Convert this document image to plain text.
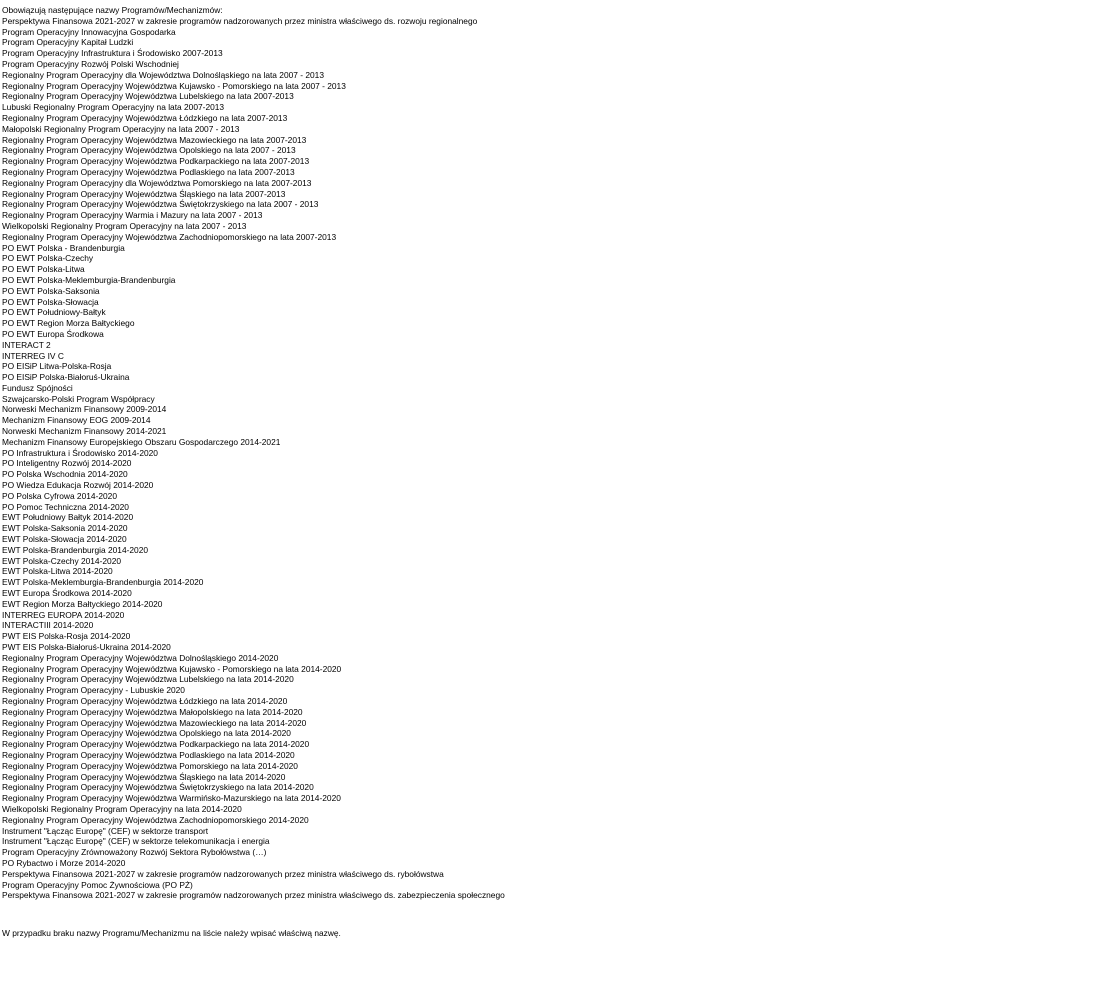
Obowiązują następujące nazwy Programów/Mechanizmów:
Perspektywa Finansowa 2021-2027 w zakresie programów nadzorowanych przez ministra właściwego ds. rozwoju regionalnego
Program Operacyjny Innowacyjna Gospodarka
Program Operacyjny Kapitał Ludzki
Program Operacyjny Infrastruktura i Środowisko 2007-2013
Program Operacyjny Rozwój Polski Wschodniej
Regionalny Program Operacyjny dla Województwa Dolnośląskiego na lata 2007 - 2013
Regionalny Program Operacyjny Województwa Kujawsko - Pomorskiego na lata 2007 - 2013
Regionalny Program Operacyjny Województwa Lubelskiego na lata 2007-2013
Lubuski Regionalny Program Operacyjny na lata 2007-2013
Regionalny Program Operacyjny Województwa Łódzkiego na lata 2007-2013
Małopolski Regionalny Program Operacyjny na lata 2007 - 2013
Regionalny Program Operacyjny Województwa Mazowieckiego na lata 2007-2013
Regionalny Program Operacyjny Województwa Opolskiego na lata 2007 - 2013
Regionalny Program Operacyjny Województwa Podkarpackiego na lata 2007-2013
Regionalny Program Operacyjny Województwa Podlaskiego na lata 2007-2013
Regionalny Program Operacyjny dla Województwa Pomorskiego na lata 2007-2013
Regionalny Program Operacyjny Województwa Śląskiego na lata 2007-2013
Regionalny Program Operacyjny Województwa Świętokrzyskiego na lata 2007 - 2013
Regionalny Program Operacyjny Warmia i Mazury na lata 2007 - 2013
Wielkopolski Regionalny Program Operacyjny na lata 2007 - 2013
Regionalny Program Operacyjny Województwa Zachodniopomorskiego na lata 2007-2013
PO EWT Polska - Brandenburgia
PO EWT Polska-Czechy
PO EWT Polska-Litwa
PO EWT Polska-Meklemburgia-Brandenburgia
PO EWT Polska-Saksonia
PO EWT Polska-Słowacja
PO EWT Południowy-Bałtyk
PO EWT Region Morza Bałtyckiego
PO EWT Europa Środkowa
INTERACT 2
INTERREG IV C
PO EISiP Litwa-Polska-Rosja
PO EISiP Polska-Białoruś-Ukraina
Fundusz Spójności
Szwajcarsko-Polski Program Współpracy
Norweski Mechanizm Finansowy 2009-2014
Mechanizm Finansowy EOG 2009-2014
Norweski Mechanizm Finansowy 2014-2021
Mechanizm Finansowy Europejskiego Obszaru Gospodarczego 2014-2021
PO Infrastruktura i Środowisko 2014-2020
PO Inteligentny Rozwój 2014-2020
PO Polska Wschodnia 2014-2020
PO Wiedza Edukacja Rozwój 2014-2020
PO Polska Cyfrowa 2014-2020
PO Pomoc Techniczna 2014-2020
EWT Południowy Bałtyk 2014-2020
EWT Polska-Saksonia 2014-2020
EWT Polska-Słowacja 2014-2020
EWT Polska-Brandenburgia 2014-2020
EWT Polska-Czechy 2014-2020
EWT Polska-Litwa 2014-2020
EWT Polska-Meklemburgia-Brandenburgia 2014-2020
EWT Europa Środkowa 2014-2020
EWT Region Morza Bałtyckiego 2014-2020
INTERREG EUROPA 2014-2020
INTERACTIII 2014-2020
PWT EIS Polska-Rosja 2014-2020
PWT EIS Polska-Białoruś-Ukraina 2014-2020
Regionalny Program Operacyjny Województwa Dolnośląskiego 2014-2020
Regionalny Program Operacyjny Województwa Kujawsko - Pomorskiego na lata 2014-2020
Regionalny Program Operacyjny Województwa Lubelskiego na lata 2014-2020
Regionalny Program Operacyjny - Lubuskie 2020
Regionalny Program Operacyjny Województwa Łódzkiego na lata 2014-2020
Regionalny Program Operacyjny Województwa Małopolskiego na lata 2014-2020
Regionalny Program Operacyjny Województwa Mazowieckiego na lata 2014-2020
Regionalny Program Operacyjny Województwa Opolskiego na lata 2014-2020
Regionalny Program Operacyjny Województwa Podkarpackiego na lata 2014-2020
Regionalny Program Operacyjny Województwa Podlaskiego na lata 2014-2020
Regionalny Program Operacyjny Województwa Pomorskiego na lata 2014-2020
Regionalny Program Operacyjny Województwa Śląskiego na lata 2014-2020
Regionalny Program Operacyjny Województwa Świętokrzyskiego na lata 2014-2020
Regionalny Program Operacyjny Województwa Warmińsko-Mazurskiego na lata 2014-2020
Wielkopolski Regionalny Program Operacyjny na lata 2014-2020
Regionalny Program Operacyjny Województwa Zachodniopomorskiego 2014-2020
Instrument "Łącząc Europę" (CEF) w sektorze transport
Instrument "Łącząc Europę" (CEF) w sektorze telekomunikacja i energia
Program Operacyjny Zrównoważony Rozwój Sektora Rybołówstwa (…)
PO Rybactwo i Morze 2014-2020
Perspektywa Finansowa 2021-2027 w zakresie programów nadzorowanych przez ministra właściwego ds. rybołówstwa
Program Operacyjny Pomoc Żywnościowa (PO PŻ)
Perspektywa Finansowa 2021-2027 w zakresie programów nadzorowanych przez ministra właściwego ds. zabezpieczenia społecznego
W przypadku braku nazwy Programu/Mechanizmu na liście należy wpisać właściwą nazwę.
